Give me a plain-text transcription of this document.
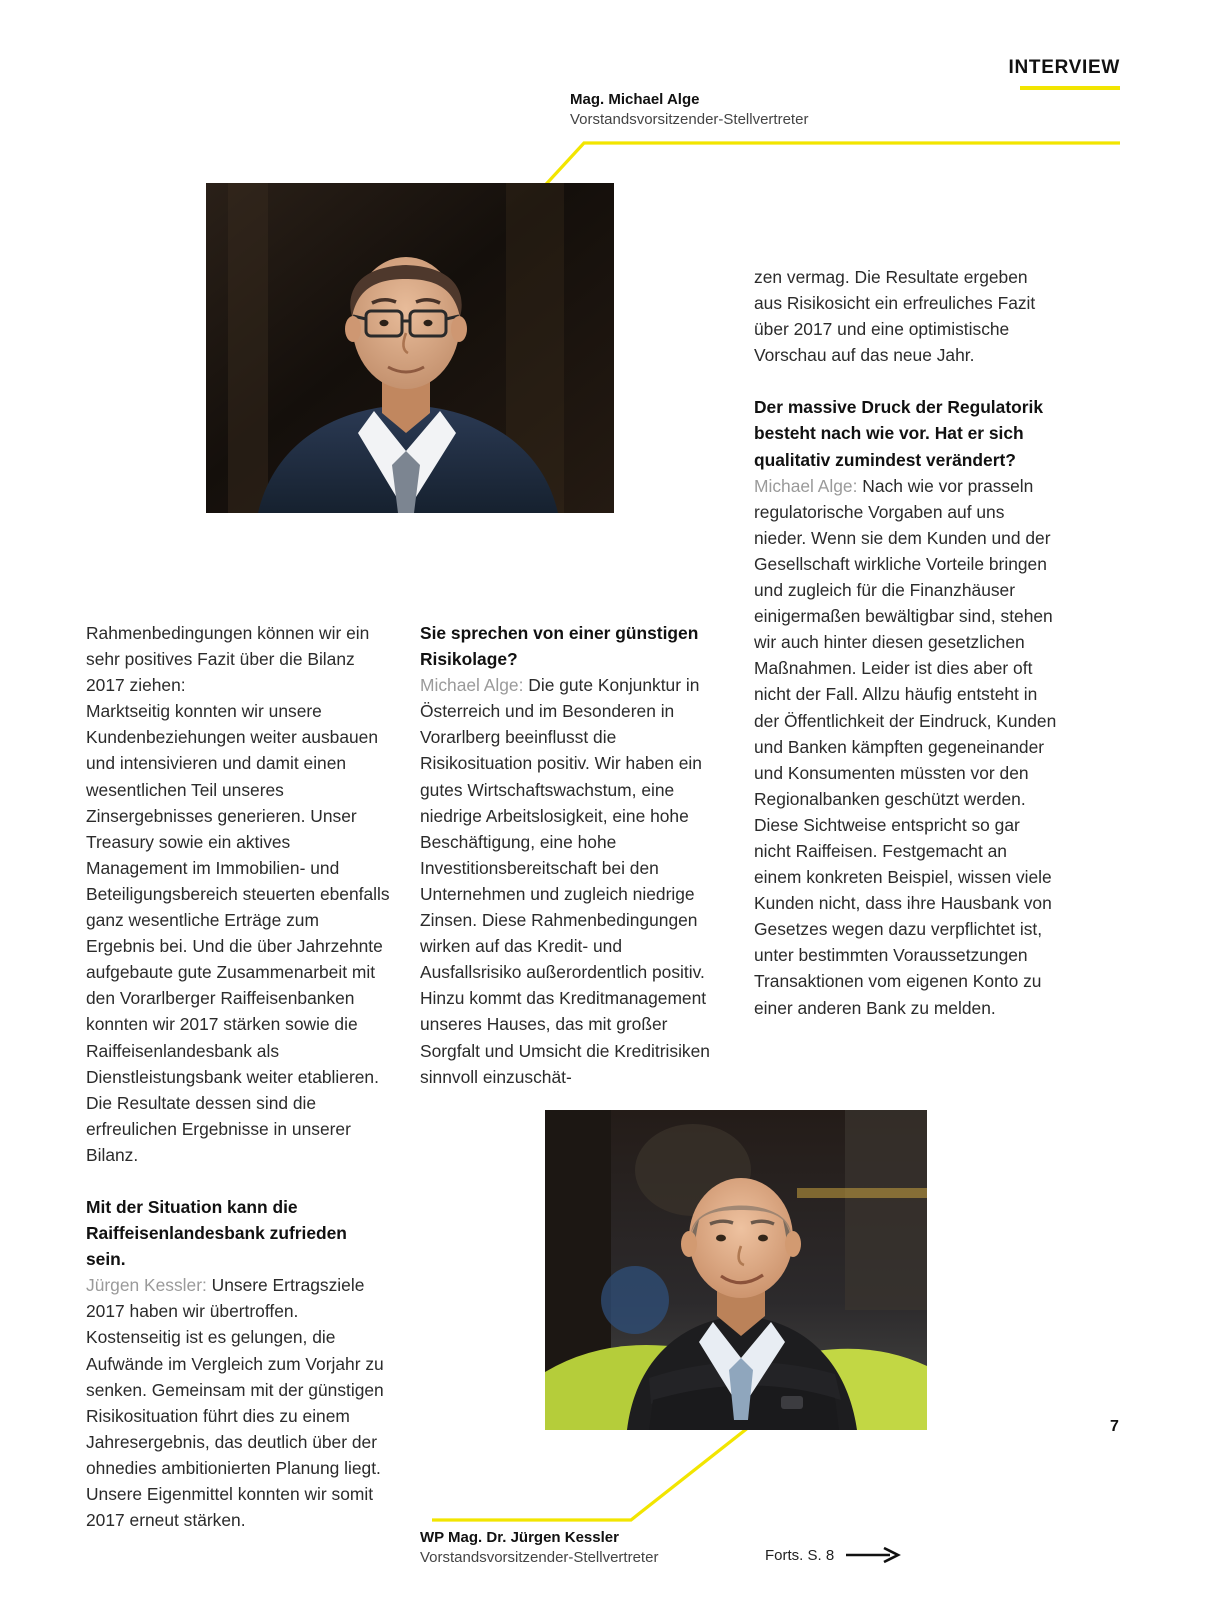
INTERVIEW
Mag. Michael Alge
Vorstandsvorsitzender-Stellvertreter

Rahmenbedingungen können wir ein sehr positives Fazit über die Bilanz 2017 ziehen:

Marktseitig konnten wir unsere Kundenbeziehungen weiter ausbauen und intensivieren und damit einen wesentlichen Teil unseres Zinsergebnisses generieren. Unser Treasury sowie ein aktives Management im Immobilien- und Beteiligungsbereich steuerten ebenfalls ganz wesentliche Erträge zum Ergebnis bei. Und die über Jahrzehnte aufgebaute gute Zusammenarbeit mit den Vorarlberger Raiffeisenbanken konnten wir 2017 stärken sowie die Raiffeisenlandesbank als Dienstleistungsbank weiter etablieren. Die Resultate dessen sind die erfreulichen Ergebnisse in unserer Bilanz.

Mit der Situation kann die Raiffeisenlandesbank zufrieden sein.

Jürgen Kessler: Unsere Ertragsziele 2017 haben wir übertroffen. Kostenseitig ist es gelungen, die Aufwände im Vergleich zum Vorjahr zu senken. Gemeinsam mit der günstigen Risikosituation führt dies zu einem Jahresergebnis, das deutlich über der ohnedies ambitionierten Planung liegt. Unsere Eigenmittel konnten wir somit 2017 erneut stärken.

Sie sprechen von einer günstigen Risikolage?

Michael Alge: Die gute Konjunktur in Österreich und im Besonderen in Vorarlberg beeinflusst die Risikosituation positiv. Wir haben ein gutes Wirtschaftswachstum, eine niedrige Arbeitslosigkeit, eine hohe Beschäftigung, eine hohe Investitionsbereitschaft bei den Unternehmen und zugleich niedrige Zinsen. Diese Rahmenbedingungen wirken auf das Kredit- und Ausfallsrisiko außerordentlich positiv. Hinzu kommt das Kreditmanagement unseres Hauses, das mit großer Sorgfalt und Umsicht die Kreditrisiken sinnvoll einzuschät-

zen vermag. Die Resultate ergeben aus Risikosicht ein erfreuliches Fazit über 2017 und eine optimistische Vorschau auf das neue Jahr.

Der massive Druck der Regulatorik besteht nach wie vor. Hat er sich qualitativ zumindest verändert?

Michael Alge: Nach wie vor prasseln regulatorische Vorgaben auf uns nieder. Wenn sie dem Kunden und der Gesellschaft wirkliche Vorteile bringen und zugleich für die Finanzhäuser einigermaßen bewältigbar sind, stehen wir auch hinter diesen gesetzlichen Maßnahmen. Leider ist dies aber oft nicht der Fall. Allzu häufig entsteht in der Öffentlichkeit der Eindruck, Kunden und Banken kämpften gegeneinander und Konsumenten müssten vor den Regionalbanken geschützt werden. Diese Sichtweise entspricht so gar nicht Raiffeisen. Festgemacht an einem konkreten Beispiel, wissen viele Kunden nicht, dass ihre Hausbank von Gesetzes wegen dazu verpflichtet ist, unter bestimmten Voraussetzungen Transaktionen vom eigenen Konto zu einer anderen Bank zu melden.

WP Mag. Dr. Jürgen Kessler
Vorstandsvorsitzender-Stellvertreter	Forts. S. 8
7
